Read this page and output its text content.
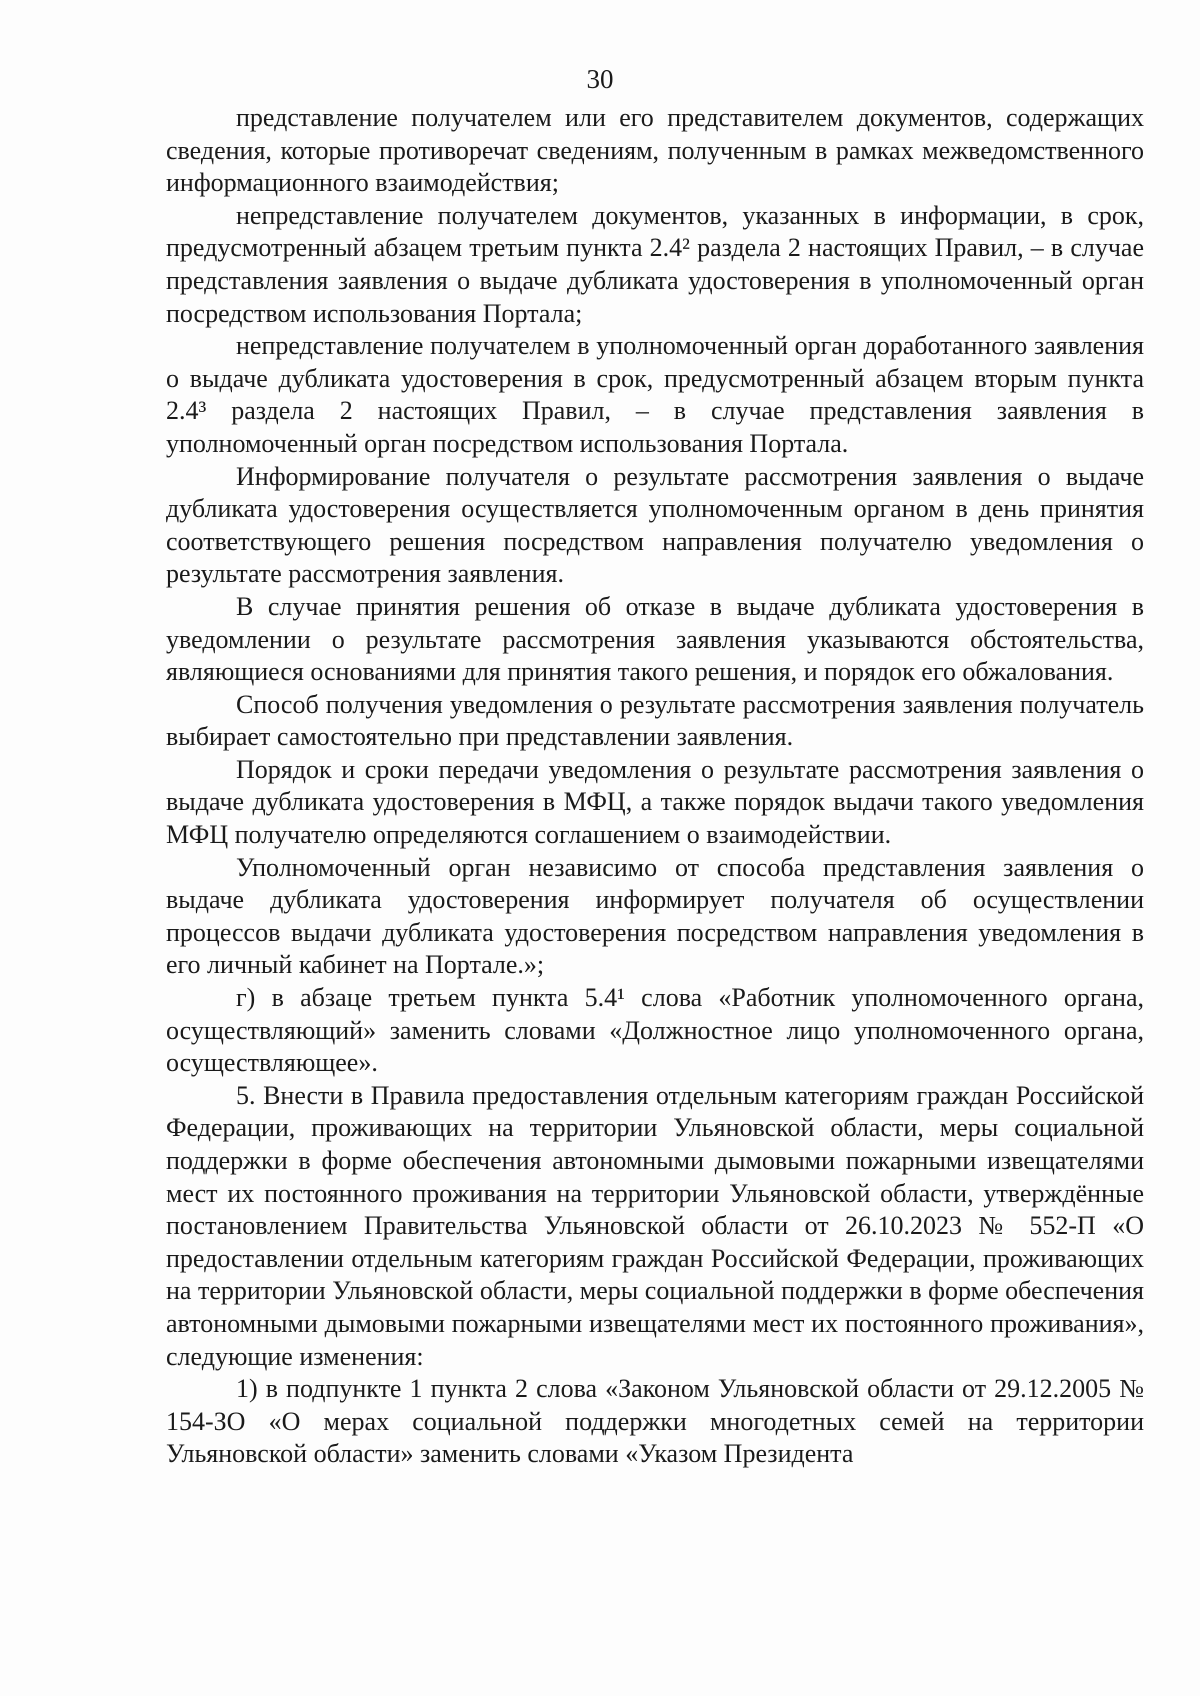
30

представление получателем или его представителем документов, содержащих сведения, которые противоречат сведениям, полученным в рамках межведомственного информационного взаимодействия;

непредставление получателем документов, указанных в информации, в срок, предусмотренный абзацем третьим пункта 2.4² раздела 2 настоящих Правил, – в случае представления заявления о выдаче дубликата удостоверения в уполномоченный орган посредством использования Портала;

непредставление получателем в уполномоченный орган доработанного заявления о выдаче дубликата удостоверения в срок, предусмотренный абзацем вторым пункта 2.4³ раздела 2 настоящих Правил, – в случае представления заявления в уполномоченный орган посредством использования Портала.

Информирование получателя о результате рассмотрения заявления о выдаче дубликата удостоверения осуществляется уполномоченным органом в день принятия соответствующего решения посредством направления получателю уведомления о результате рассмотрения заявления.

В случае принятия решения об отказе в выдаче дубликата удостоверения в уведомлении о результате рассмотрения заявления указываются обстоятельства, являющиеся основаниями для принятия такого решения, и порядок его обжалования.

Способ получения уведомления о результате рассмотрения заявления получатель выбирает самостоятельно при представлении заявления.

Порядок и сроки передачи уведомления о результате рассмотрения заявления о выдаче дубликата удостоверения в МФЦ, а также порядок выдачи такого уведомления МФЦ получателю определяются соглашением о взаимодействии.

Уполномоченный орган независимо от способа представления заявления о выдаче дубликата удостоверения информирует получателя об осуществлении процессов выдачи дубликата удостоверения посредством направления уведомления в его личный кабинет на Портале.»;

г) в абзаце третьем пункта 5.4¹ слова «Работник уполномоченного органа, осуществляющий» заменить словами «Должностное лицо уполномоченного органа, осуществляющее».

5. Внести в Правила предоставления отдельным категориям граждан Российской Федерации, проживающих на территории Ульяновской области, меры социальной поддержки в форме обеспечения автономными дымовыми пожарными извещателями мест их постоянного проживания на территории Ульяновской области, утверждённые постановлением Правительства Ульяновской области от 26.10.2023 № 552-П «О предоставлении отдельным категориям граждан Российской Федерации, проживающих на территории Ульяновской области, меры социальной поддержки в форме обеспечения автономными дымовыми пожарными извещателями мест их постоянного проживания», следующие изменения:

1) в подпункте 1 пункта 2 слова «Законом Ульяновской области от 29.12.2005 № 154-ЗО «О мерах социальной поддержки многодетных семей на территории Ульяновской области» заменить словами «Указом Президента
